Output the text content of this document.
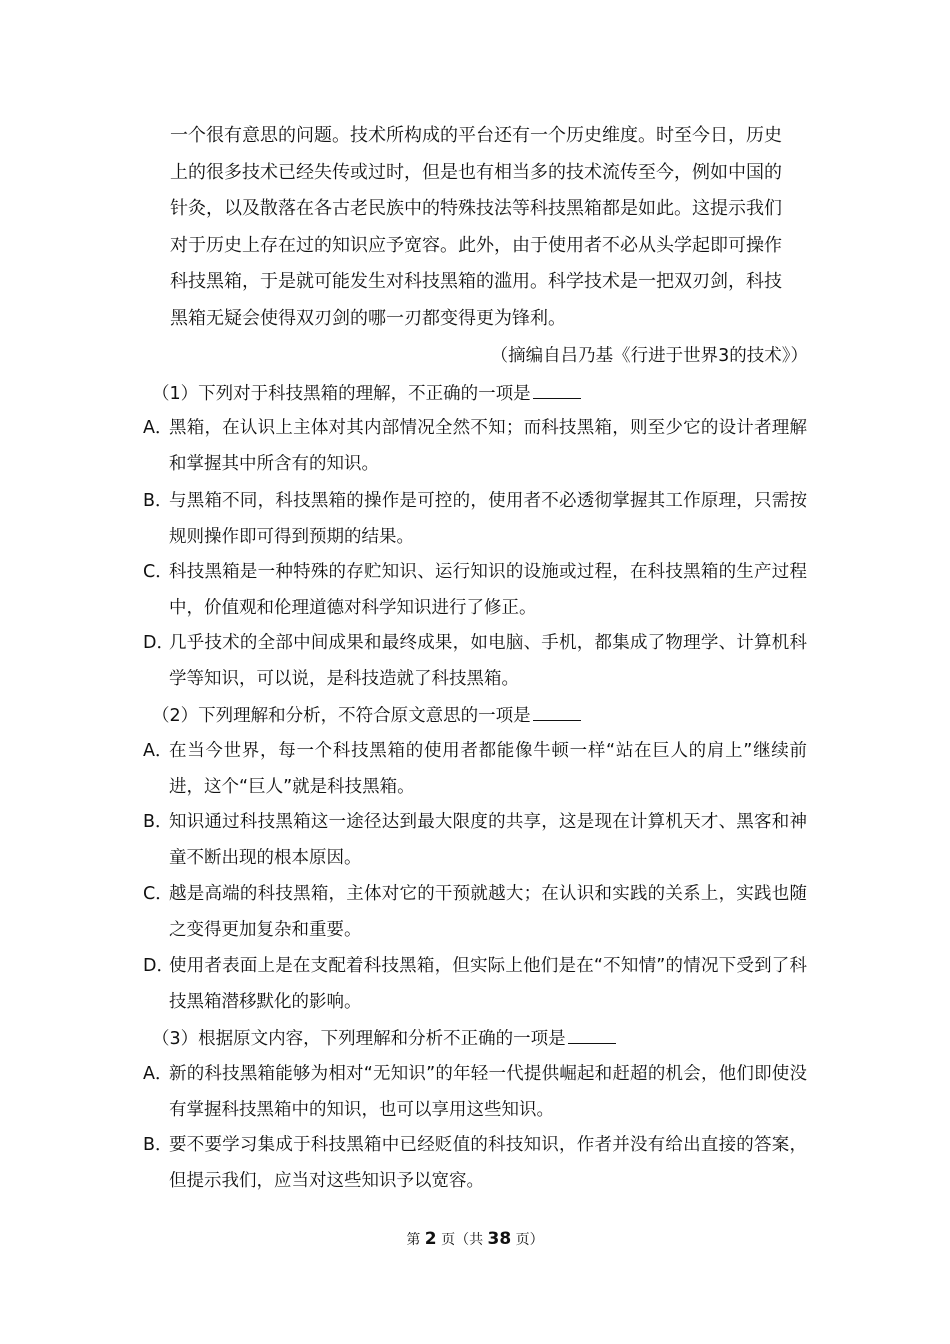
一个很有意思的问题。技术所构成的平台还有一个历史维度。时至今日，历史

上的很多技术已经失传或过时，但是也有相当多的技术流传至今，例如中国的

针灸，以及散落在各古老民族中的特殊技法等科技黑箱都是如此。这提示我们

对于历史上存在过的知识应予宽容。此外，由于使用者不必从头学起即可操作

科技黑箱，于是就可能发生对科技黑箱的滥用。科学技术是一把双刃剑，科技

黑箱无疑会使得双刃剑的哪一刃都变得更为锋利。

（摘编自吕乃基《行进于世界3的技术》）
（1）下列对于科技黑箱的理解，不正确的一项是
A．
黑箱，在认识上主体对其内部情况全然不知；而科技黑箱，则至少它的设计者理解和掌握其中所含有的知识。
B．
与黑箱不同，科技黑箱的操作是可控的，使用者不必透彻掌握其工作原理，只需按规则操作即可得到预期的结果。
C．
科技黑箱是一种特殊的存贮知识、运行知识的设施或过程，在科技黑箱的生产过程中，价值观和伦理道德对科学知识进行了修正。
D．
几乎技术的全部中间成果和最终成果，如电脑、手机，都集成了物理学、计算机科学等知识，可以说，是科技造就了科技黑箱。
（2）下列理解和分析，不符合原文意思的一项是
A．
在当今世界，每一个科技黑箱的使用者都能像牛顿一样“站在巨人的肩上”继续前进，这个“巨人”就是科技黑箱。
B．
知识通过科技黑箱这一途径达到最大限度的共享，这是现在计算机天才、黑客和神童不断出现的根本原因。
C．
越是高端的科技黑箱，主体对它的干预就越大；在认识和实践的关系上，实践也随之变得更加复杂和重要。
D．
使用者表面上是在支配着科技黑箱，但实际上他们是在“不知情”的情况下受到了科技黑箱潜移默化的影响。
（3）根据原文内容，下列理解和分析不正确的一项是
A．
新的科技黑箱能够为相对“无知识”的年轻一代提供崛起和赶超的机会，他们即使没有掌握科技黑箱中的知识，也可以享用这些知识。
B．
要不要学习集成于科技黑箱中已经贬值的科技知识，作者并没有给出直接的答案，但提示我们，应当对这些知识予以宽容。
第 2 页（共 38 页）
